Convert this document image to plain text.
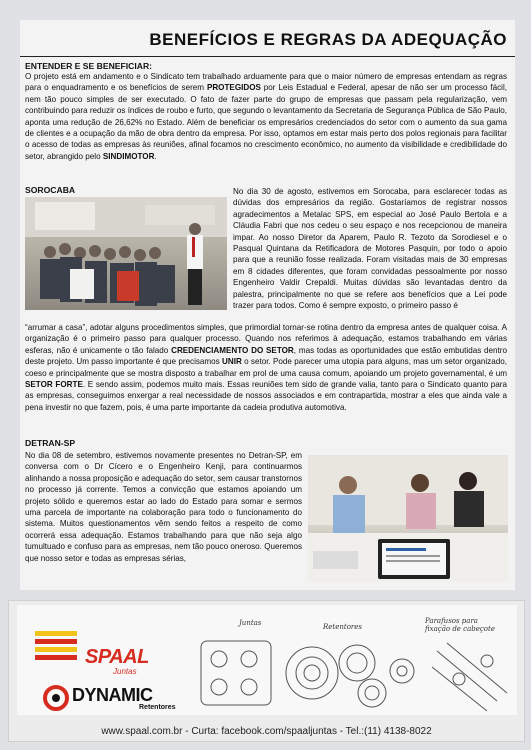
BENEFÍCIOS E REGRAS DA ADEQUAÇÃO
ENTENDER E SE BENEFICIAR:
O projeto está em andamento e o Sindicato tem trabalhado arduamente para que o maior número de empresas entendam as regras para o enquadramento e os benefícios de serem PROTEGIDOS por Leis Estadual e Federal, apesar de não ser um processo fácil, nem tão pouco simples de ser executado. O fato de fazer parte do grupo de empresas que passam pela regularização, vem contribuindo para reduzir os índices de roubo e furto, que segundo o levantamento da Secretaria de Segurança Pública de São Paulo, aponta uma redução de 26,62% no Estado. Além de beneficiar os empresários credenciados do setor com o aumento da sua gama de clientes e a ocupação da mão de obra dentro da empresa. Por isso, optamos em estar mais perto dos polos regionais para facilitar o acesso de todas as empresas às reuniões, afinal focamos no crescimento econômico, no aumento da visibilidade e credibilidade do setor, abrangido pelo SINDIMOTOR.
SOROCABA	No dia 30 de agosto, estivemos em Sorocaba, para esclarecer todas as dúvidas dos empresários da região. Gostaríamos de registrar nossos agradecimentos a Metalac SPS, em especial ao José Paulo Bertola e a Cláudia Fabri que nos cedeu o seu espaço e nos recepcionou de maneira impar. Ao nosso Diretor da Aparem, Paulo R. Tezoto da Sorodiesel e o Pasqual Quintana da Retificadora de Motores Pasquin, por todo o apoio para que a reunião fosse realizada. Foram visitadas mais de 30 empresas em 8 cidades diferentes, que foram convidadas pessoalmente por nosso Engenheiro Valdir Crepaldi. Muitas dúvidas são levantadas dentro da palestra, principalmente no que se refere aos benefícios que a Lei pode trazer para todos. Como é sempre exposto, o primeiro passo é
“arrumar a casa”, adotar alguns procedimentos simples, que primordial tornar-se rotina dentro da empresa antes de qualquer coisa. A organização é o primeiro passo para qualquer processo. Quando nos referimos à adequação, estamos trabalhando em várias esferas, não é unicamente o tão falado CREDENCIAMENTO DO SETOR, mas todas as oportunidades que estão embutidas dentro deste projeto. Um passo importante é que precisamos UNIR o setor. Pode parecer uma utopia para alguns, mas um setor organizado, coeso e principalmente que se mostra disposto a trabalhar em prol de uma causa comum, apoiando um projeto governamental, é um SETOR FORTE. E sendo assim, podemos muito mais. Essas reuniões tem sido de grande valia, tanto para o Sindicato quanto para as empresas, conseguimos enxergar a real necessidade de nossos associados e em contrapartida, mostrar a eles que ainda vale a pena investir no que fazem, pois, é uma parte importante da cadeia produtiva automotiva.
DETRAN-SP
No dia 08 de setembro, estivemos novamente presentes no Detran-SP, em conversa com o Dr Cícero e o Engenheiro Kenji, para continuarmos alinhando a nossa proposição e adequação do setor, sem causar transtornos no processo já corrente. Temos a convicção que estamos apoiando um projeto sólido e queremos estar ao lado do Estado para somar e sermos uma parcela de importante na colaboração para todo o funcionamento do sistema. Muitos questionamentos vêm sendo feitos a respeito de como ocorrerá essa adequação. Estamos trabalhando para que não seja algo tumultuado e confuso para as empresas, nem tão pouco oneroso. Queremos que nosso setor e todas as empresas sérias,
SPAAL
Juntas
DYNAMIC
Retentores
Juntas	Retentores
Parafusos para fixação de cabeçote
www.spaal.com.br - Curta: facebook.com/spaaljuntas - Tel.:(11) 4138-8022
